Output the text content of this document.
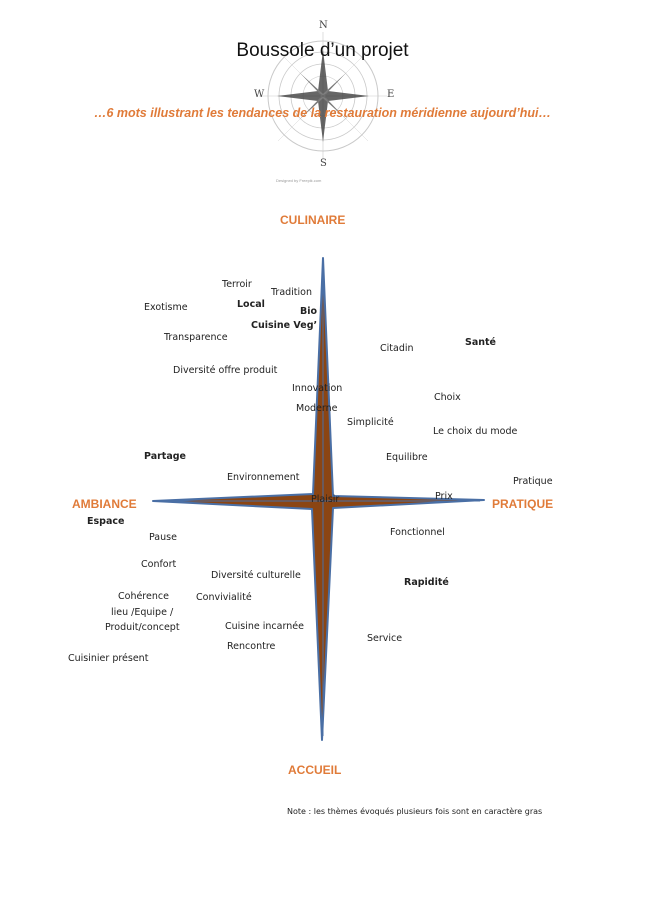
N
W	E
S
Designed by Freepik.com
Boussole d’un projet
…6 mots illustrant les tendances de la restauration méridienne aujourd’hui…
CULINAIRE
AMBIANCE	PRATIQUE
ACCUEIL
Terroir
Tradition
Exotisme	Local
Bio
Cuisine Veg’
Transparence
Citadin
Santé
Diversité offre produit
Innovation
Choix
Moderne
Simplicité
Le choix du mode
Partage	Equilibre
Environnement	Pratique
Plaisir	Prix
Espace
Fonctionnel
Pause
Confort
Diversité culturelle
Rapidité
Cohérence	Convivialité
lieu /Equipe /
Produit/concept	Cuisine incarnée
Service
Rencontre
Cuisinier présent
Note : les thèmes évoqués plusieurs fois sont en caractère gras
